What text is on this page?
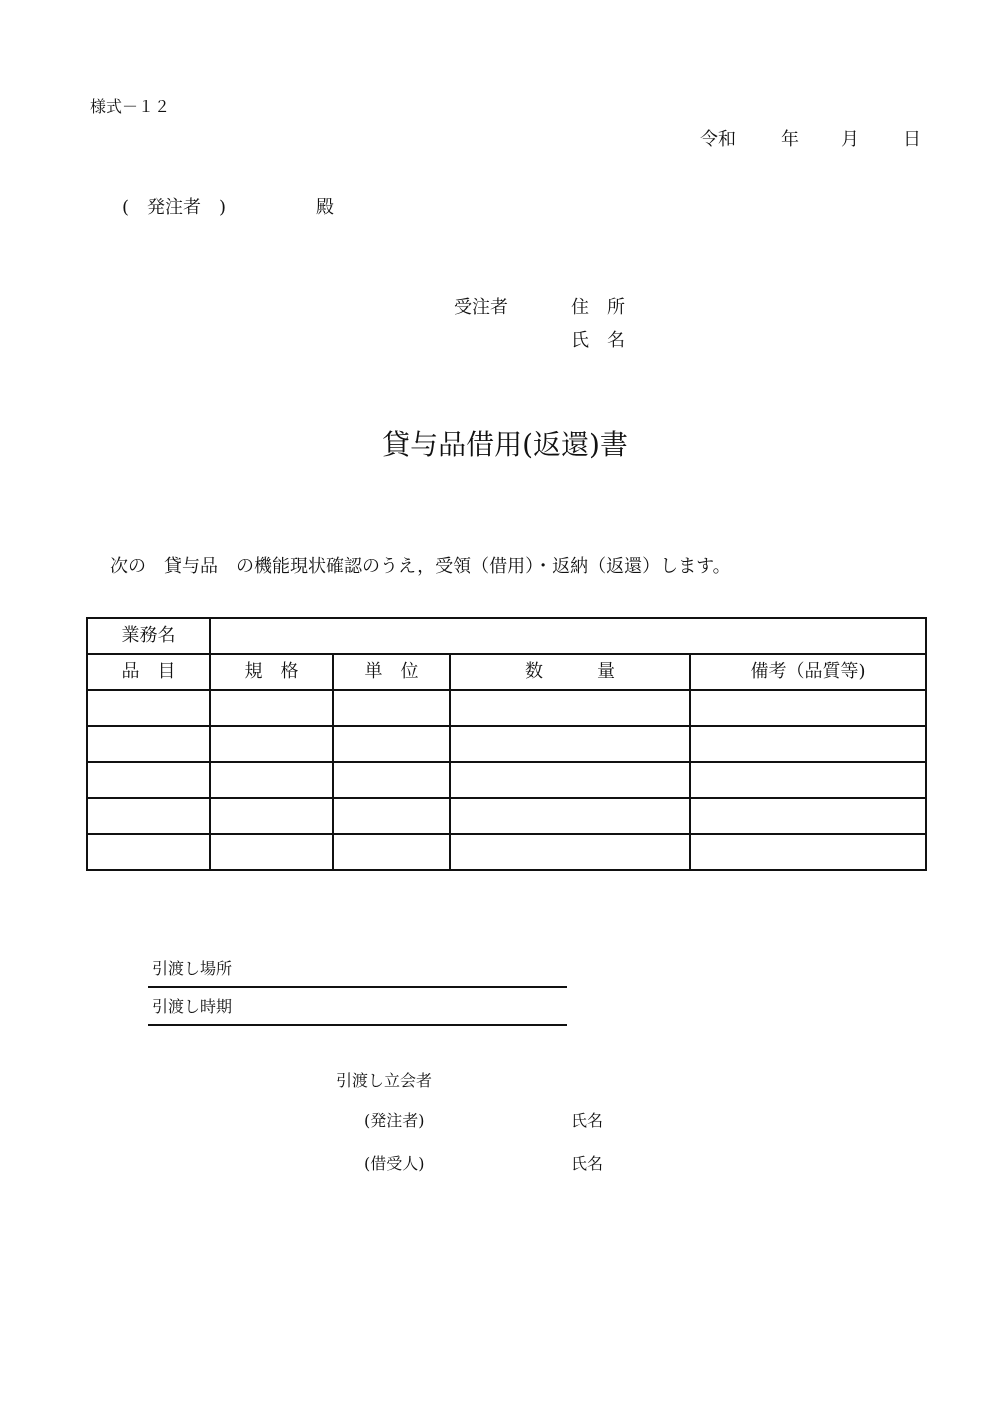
様式－１２

令和

	年

月

日

(　発注者　)　　　　　殿
受注者	住　所
氏　名
貸与品借用(返還)書
次の　貸与品　の機能現状確認のうえ，受領（借用）・返納（返還）します。
業務名				
品　目	規　格	単　位	数　　　量	備考（品質等)

引渡し場所
引渡し時期
引渡し立会者
(発注者)	氏名
(借受人)	氏名
